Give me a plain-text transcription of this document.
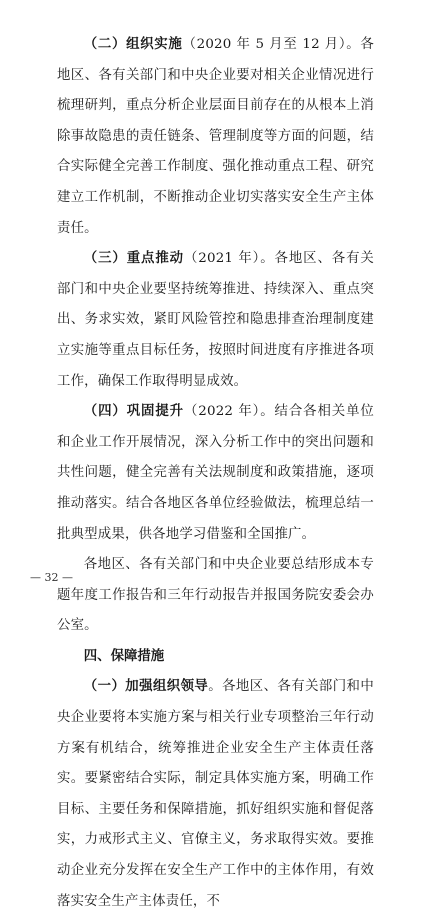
（二）组织实施（2020 年 5 月至 12 月）。各地区、各有关部门和中央企业要对相关企业情况进行梳理研判，重点分析企业层面目前存在的从根本上消除事故隐患的责任链条、管理制度等方面的问题，结合实际健全完善工作制度、强化推动重点工程、研究建立工作机制，不断推动企业切实落实安全生产主体责任。

（三）重点推动（2021 年）。各地区、各有关部门和中央企业要坚持统筹推进、持续深入、重点突出、务求实效，紧盯风险管控和隐患排查治理制度建立实施等重点目标任务，按照时间进度有序推进各项工作，确保工作取得明显成效。

（四）巩固提升（2022 年）。结合各相关单位和企业工作开展情况，深入分析工作中的突出问题和共性问题，健全完善有关法规制度和政策措施，逐项推动落实。结合各地区各单位经验做法，梳理总结一批典型成果，供各地学习借鉴和全国推广。

各地区、各有关部门和中央企业要总结形成本专题年度工作报告和三年行动报告并报国务院安委会办公室。

四、保障措施

（一）加强组织领导。各地区、各有关部门和中央企业要将本实施方案与相关行业专项整治三年行动方案有机结合，统筹推进企业安全生产主体责任落实。要紧密结合实际，制定具体实施方案，明确工作目标、主要任务和保障措施，抓好组织实施和督促落实，力戒形式主义、官僚主义，务求取得实效。要推动企业充分发挥在安全生产工作中的主体作用，有效落实安全生产主体责任，不

— 32 —
